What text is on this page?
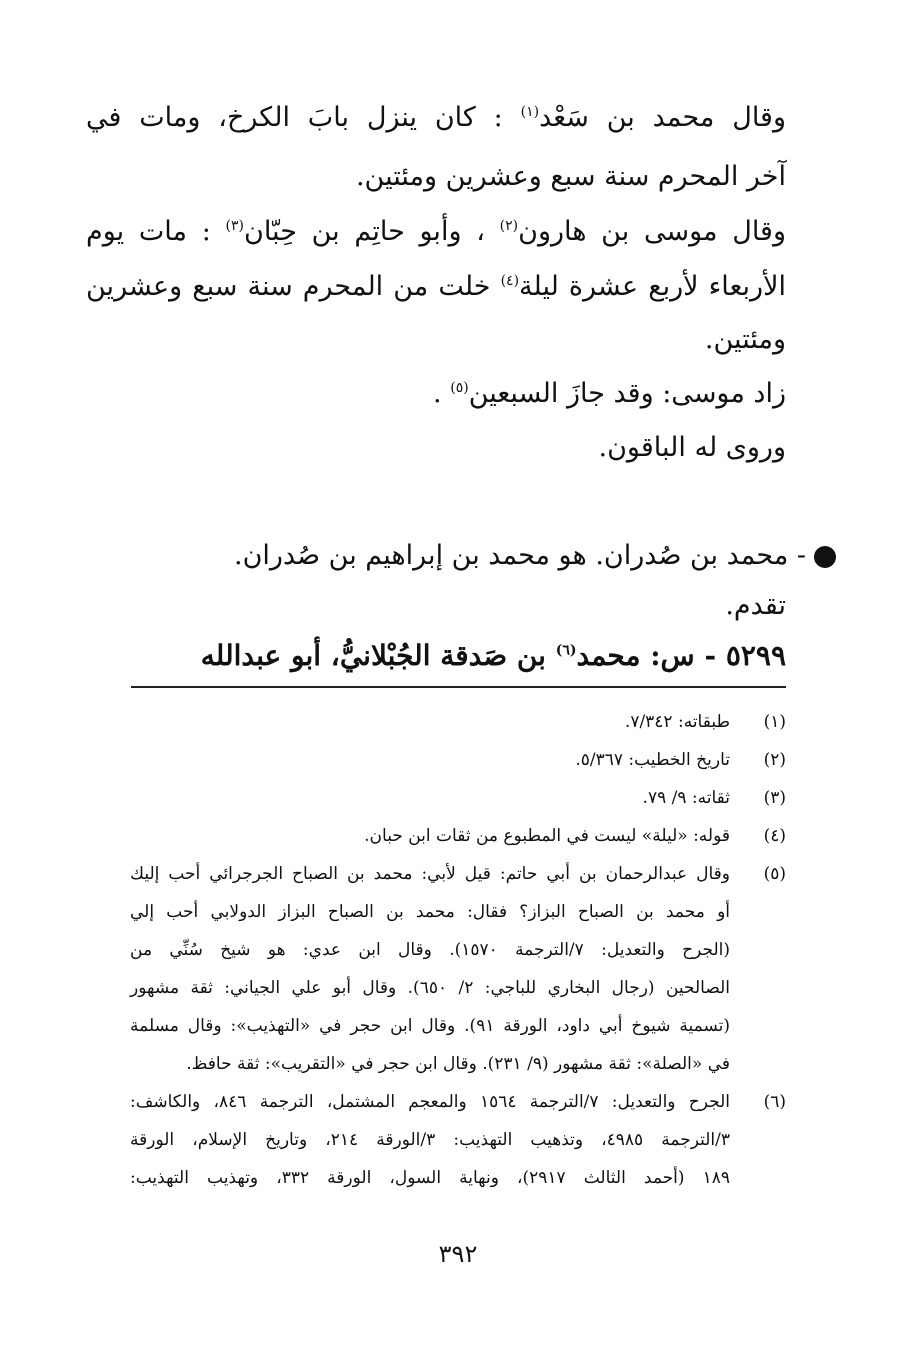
وقال محمد بن سَعْد$^{(١)}$ : كان ينزل بابَ الكرخ، ومات في
آخر المحرم سنة سبع وعشرين ومئتين.
وقال موسى بن هارون$^{(٢)}$ ، وأبو حاتِم بن حِبّان$^{(٣)}$ : مات يوم
الأربعاء لأربع عشرة ليلة$^{(٤)}$ خلت من المحرم سنة سبع وعشرين
ومئتين.
زاد موسى: وقد جازَ السبعين$^{(٥)}$ .
وروى له الباقون.
- محمد بن صُدران. هو محمد بن إبراهيم بن صُدران.
تقدم.
٥٢٩٩ - س: محمد$^{(٦)}$ بن صَدقة الجُبْلانيُّ، أبو عبدالله
(١)
طبقاته: ٧/٣٤٢.
(٢)
تاريخ الخطيب: ٥/٣٦٧.
(٣)
ثقاته: ٩/ ٧٩.
(٤)
قوله: «ليلة» ليست في المطبوع من ثقات ابن حبان.
(٥)
وقال عبدالرحمان بن أبي حاتم: قيل لأبي: محمد بن الصباح الجرجرائي أحب إليك
أو محمد بن الصباح البزاز؟ فقال: محمد بن الصباح البزاز الدولابي أحب إلي
(الجرح والتعديل: ٧/الترجمة ١٥٧٠). وقال ابن عدي: هو شيخ سُنِّي من
الصالحين (رجال البخاري للباجي: ٢/ ٦٥٠). وقال أبو علي الجياني: ثقة مشهور
(تسمية شيوخ أبي داود، الورقة ٩١). وقال ابن حجر في «التهذيب»: وقال مسلمة
في «الصلة»: ثقة مشهور (٩/ ٢٣١). وقال ابن حجر في «التقريب»: ثقة حافظ.
(٦)
الجرح والتعديل: ٧/الترجمة ١٥٦٤ والمعجم المشتمل، الترجمة ٨٤٦، والكاشف:
٣/الترجمة ٤٩٨٥، وتذهيب التهذيب: ٣/الورقة ٢١٤، وتاريخ الإسلام، الورقة
١٨٩ (أحمد الثالث ٢٩١٧)، ونهاية السول، الورقة ٣٣٢، وتهذيب التهذيب:
٣٩٢
